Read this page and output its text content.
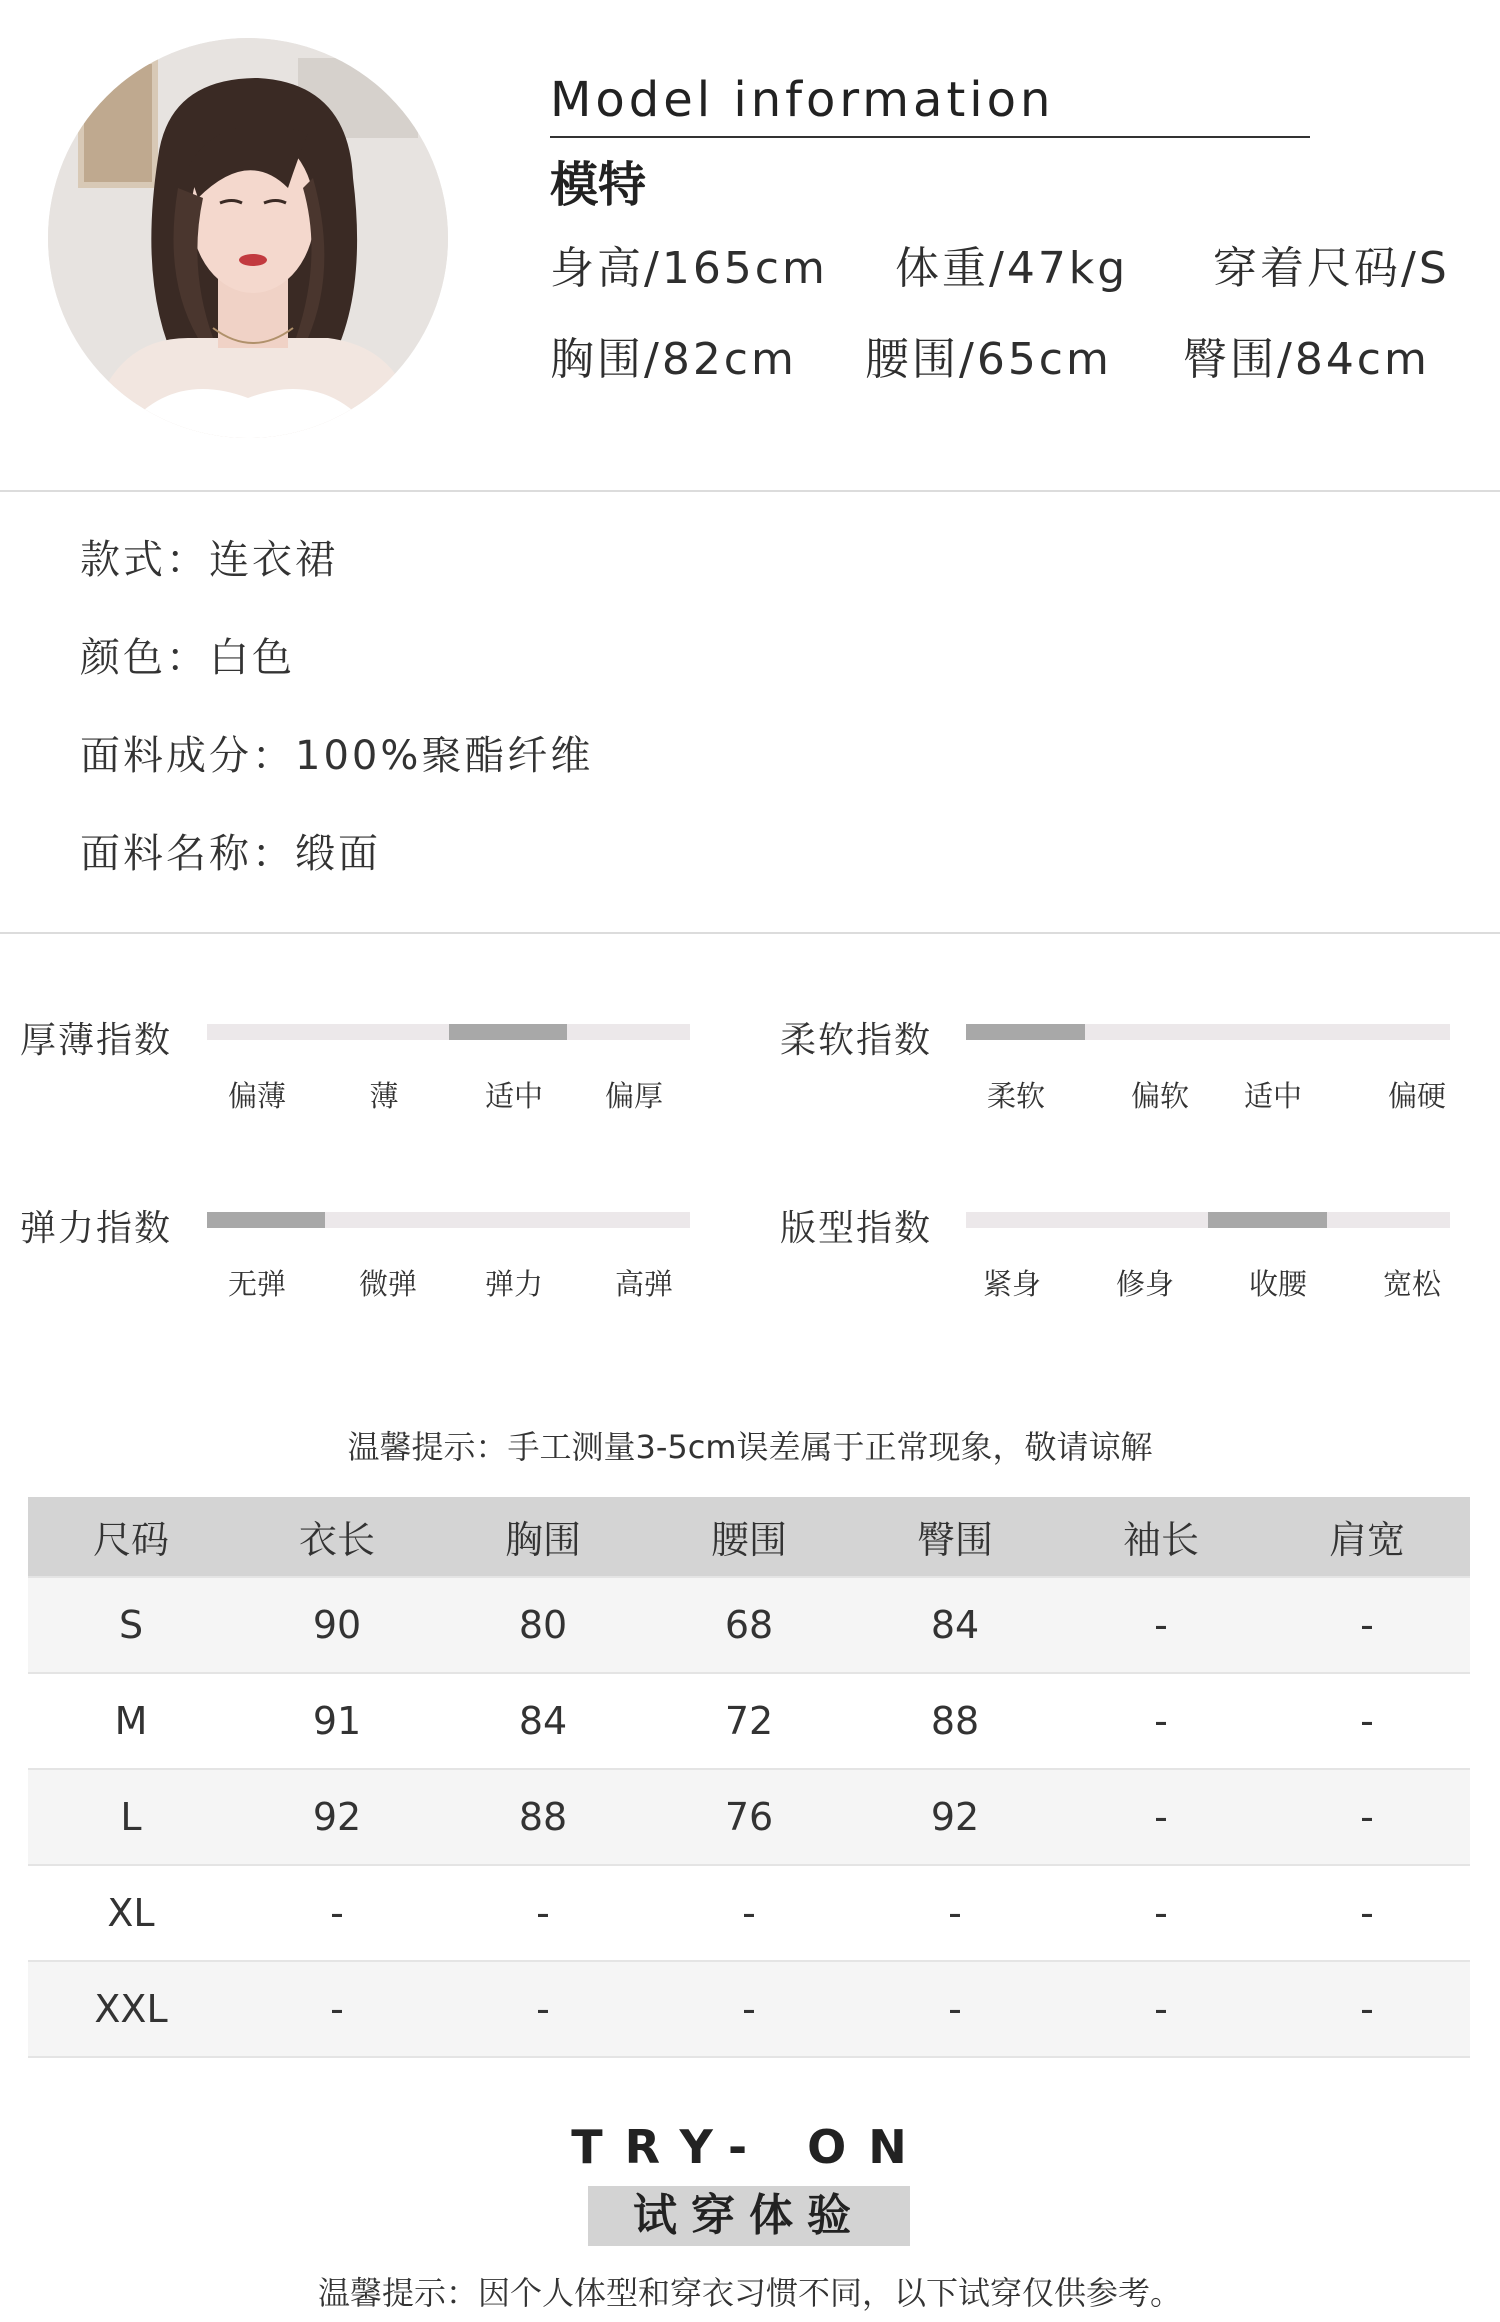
Model information
模特
身高/165cm 体重/47kg 穿着尺码/S
胸围/82cm 腰围/65cm 臀围/84cm
款式：连衣裙
颜色：白色
面料成分：100%聚酯纤维
面料名称：缎面
厚薄指数
偏薄	薄	适中	偏厚
柔软指数
柔软	偏软	适中	偏硬
弹力指数
无弹	微弹	弹力	高弹
版型指数
紧身	修身	收腰	宽松
温馨提示：手工测量3-5cm误差属于正常现象，敬请谅解
尺码	衣长	胸围	腰围	臀围	袖长	肩宽
S	90	80	68	84	-	-
M	91	84	72	88	-	-
L	92	88	76	92	-	-
XL	-	-	-	-	-	-
XXL	-	-	-	-	-	-
TRY- ON
试穿体验
温馨提示：因个人体型和穿衣习惯不同，以下试穿仅供参考。
